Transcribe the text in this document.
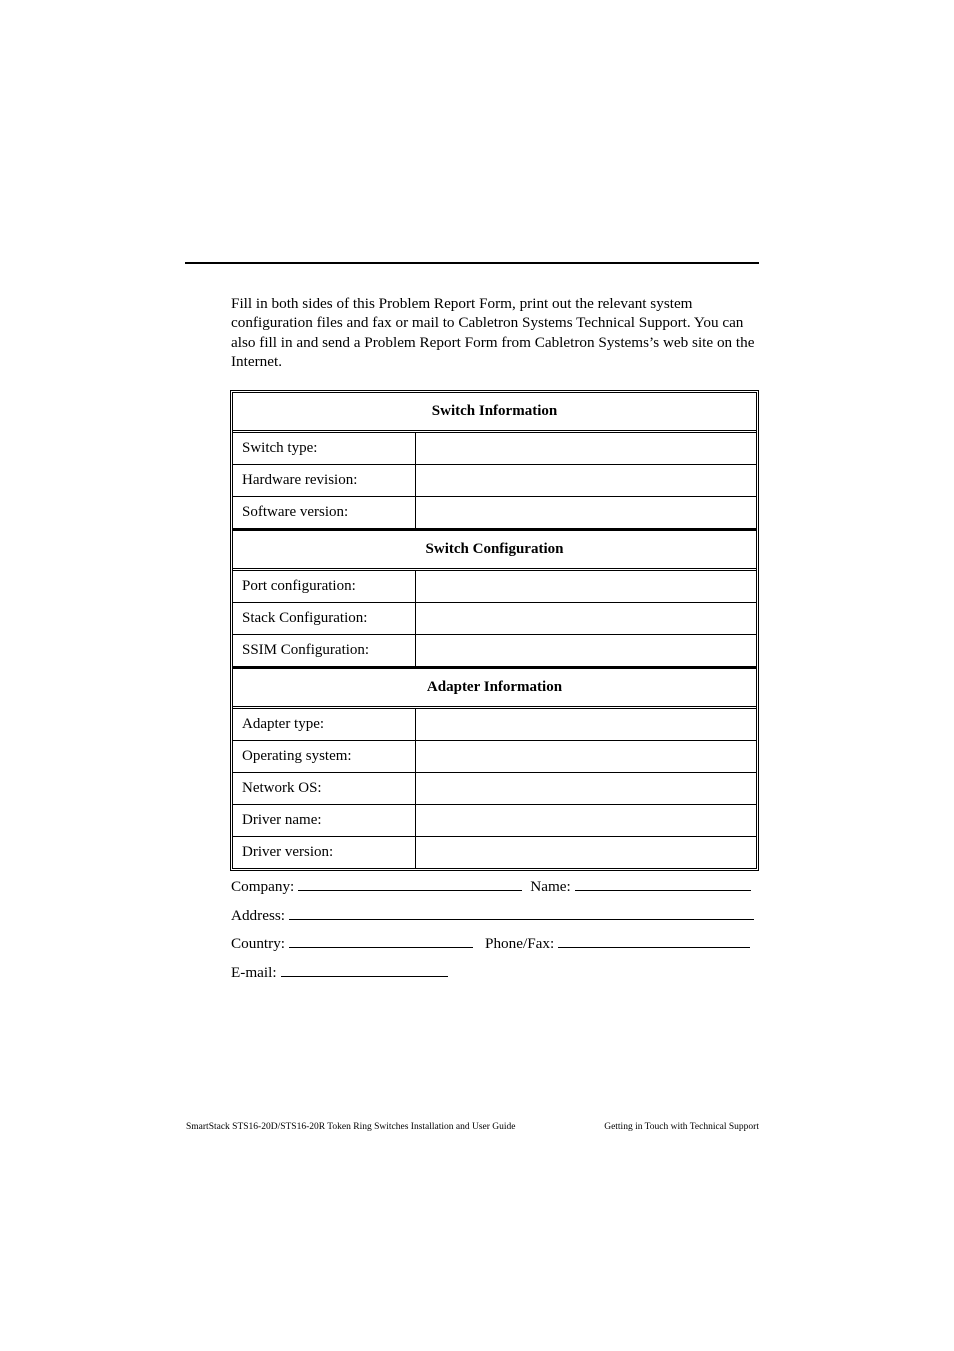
Fill in both sides of this Problem Report Form, print out the relevant system configuration files and fax or mail to Cabletron Systems Technical Support. You can also fill in and send a Problem Report Form from Cabletron Systems’s web site on the Internet.

Switch Information	
Switch type:	
Hardware revision:	
Software version:	
Switch Configuration	
Port configuration:	
Stack Configuration:	
SSIM Configuration:	
Adapter Information	
Adapter type:	
Operating system:	
Network OS:	
Driver name:	
Driver version:	
Company:	Name:
Address:
Country:	Phone/Fax:
E-mail:
SmartStack STS16-20D/STS16-20R Token Ring Switches Installation and User Guide	Getting in Touch with Technical Support
